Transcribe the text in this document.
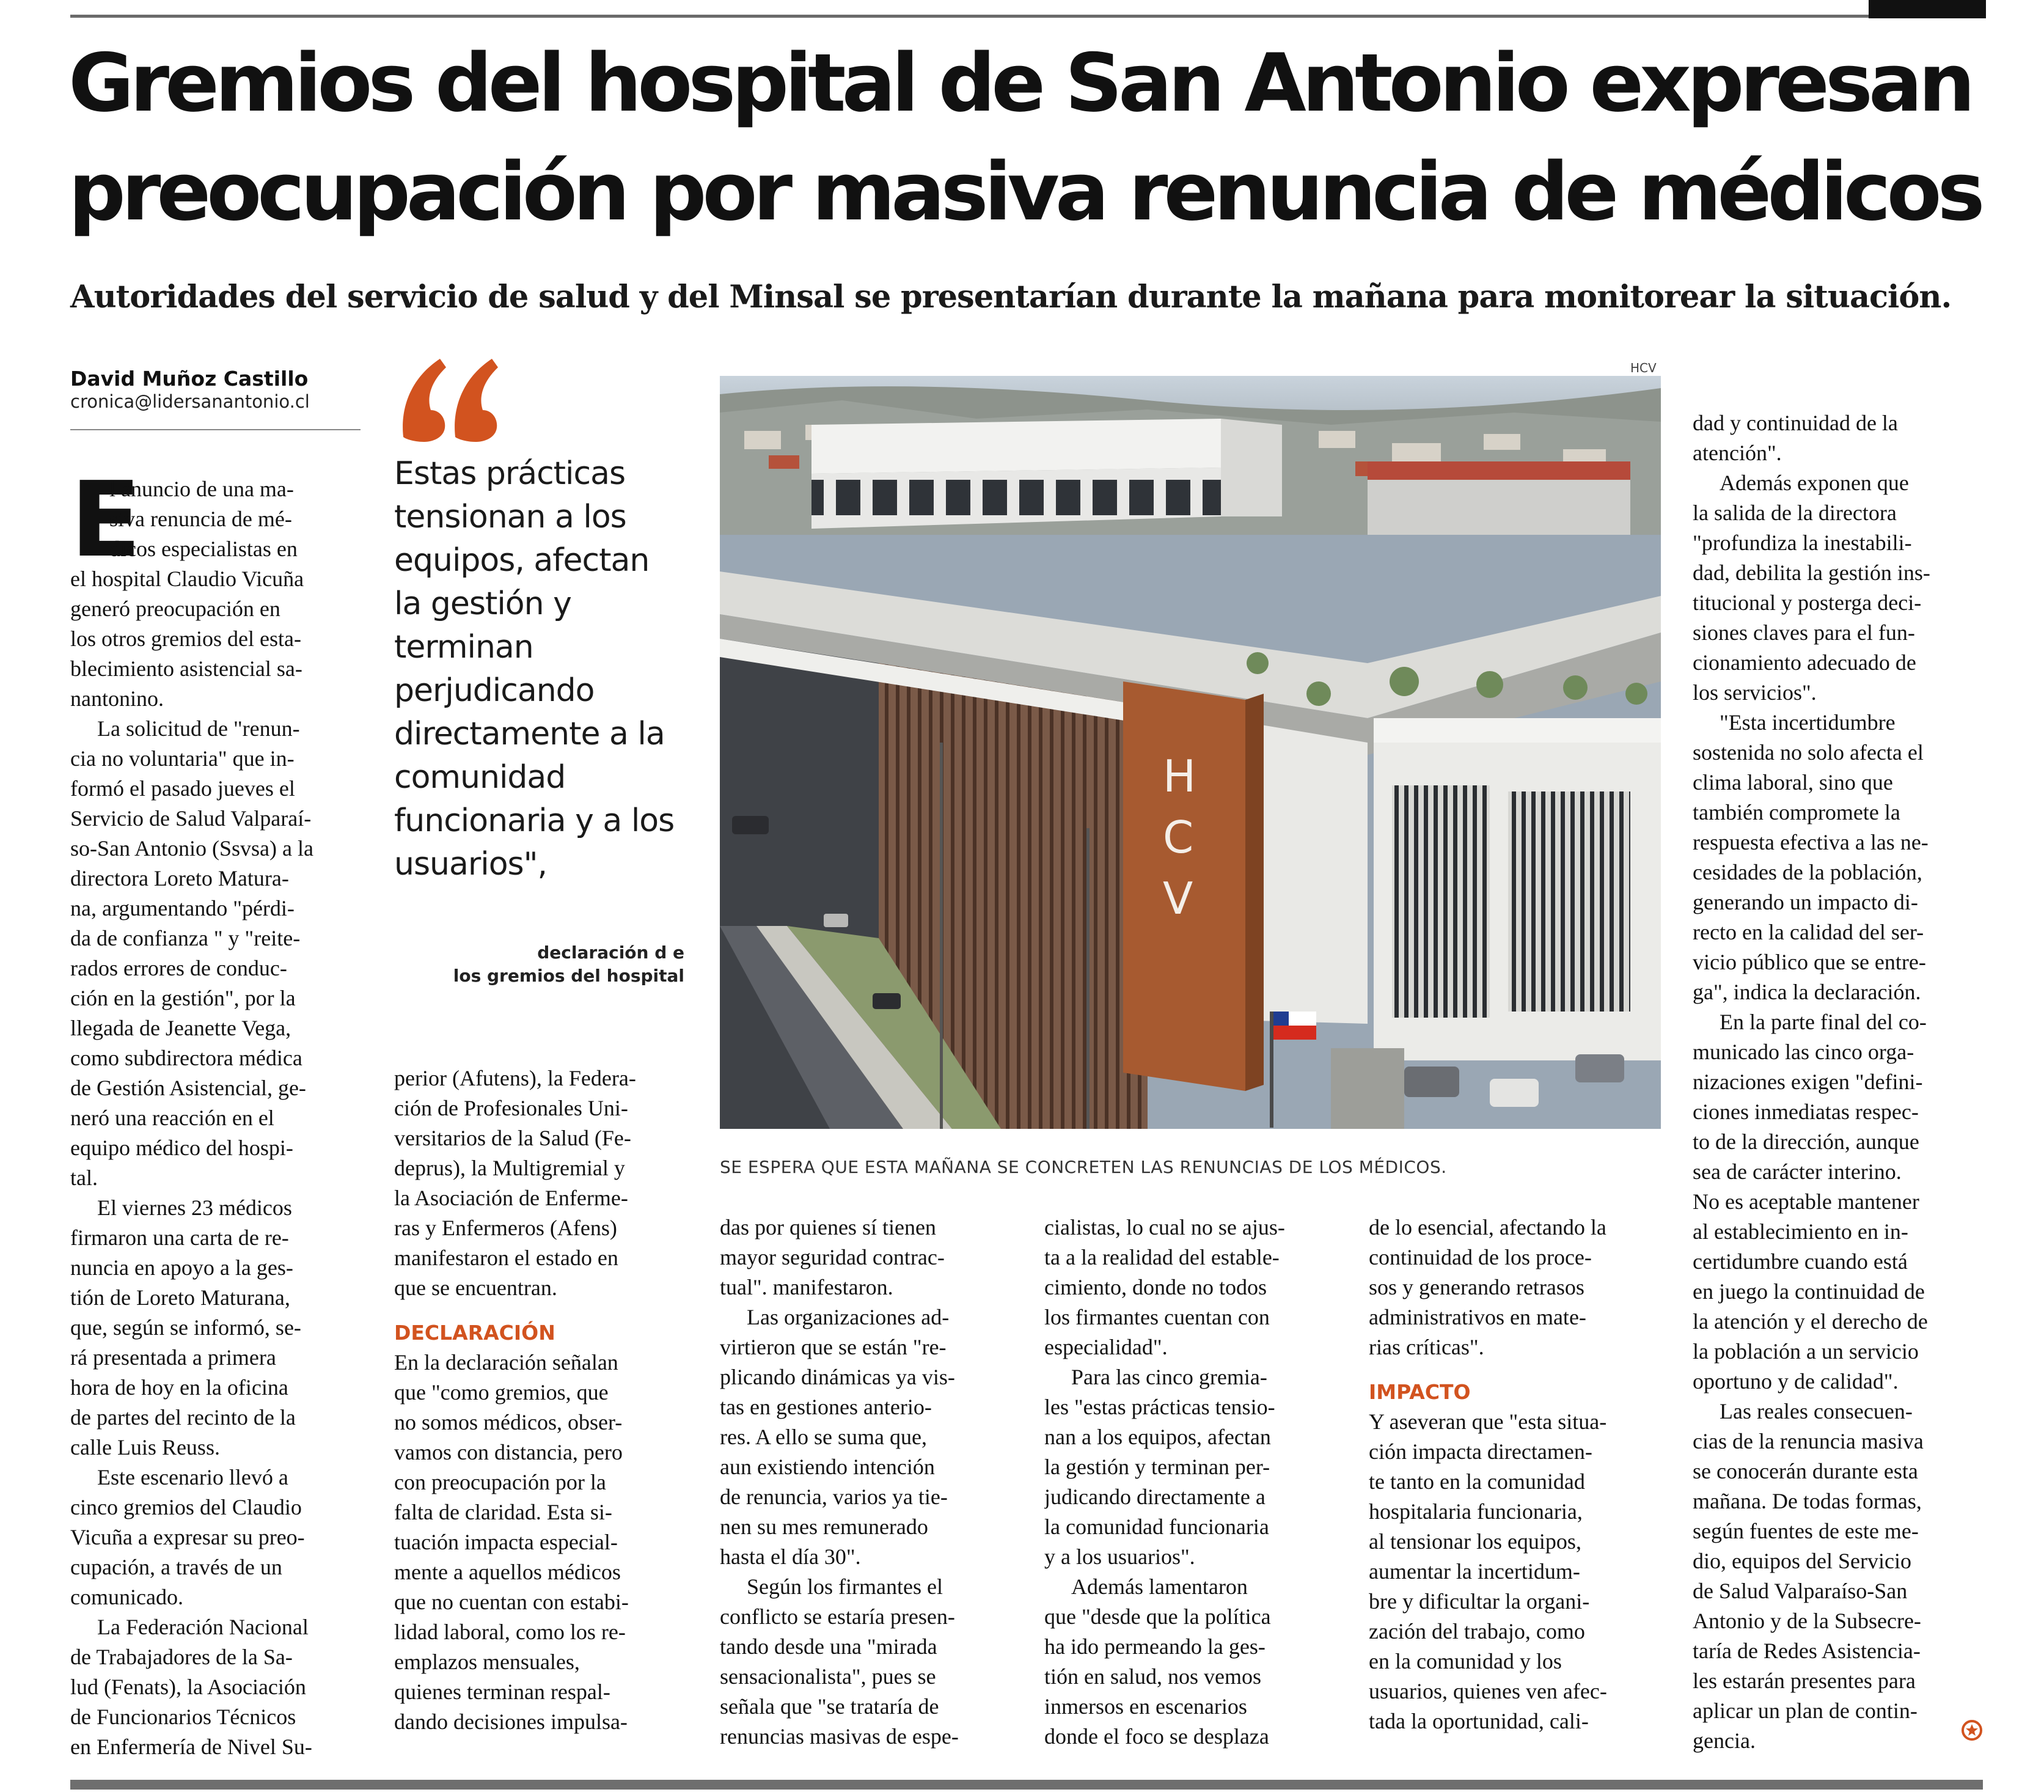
Gremios del hospital de San Antonio expresan
preocupación por masiva renuncia de médicos

Autoridades del servicio de salud y del Minsal se presentarían durante la mañana para monitorear la situación.

David Muñoz Castillo
cronica@lidersanantonio.cl
E
l anuncio de una ma-
siva renuncia de mé-
dicos especialistas en
el hospital Claudio Vicuña
generó preocupación en
los otros gremios del esta-
blecimiento asistencial sa-
nantonino.
La solicitud de "renun-
cia no voluntaria" que in-
formó el pasado jueves el
Servicio de Salud Valparaí-
so-San Antonio (Ssvsa) a la
directora Loreto Matura-
na, argumentando "pérdi-
da de confianza " y "reite-
rados errores de conduc-
ción en la gestión", por la
llegada de Jeanette Vega,
como subdirectora médica
de Gestión Asistencial, ge-
neró una reacción en el
equipo médico del hospi-
tal.
El viernes 23 médicos
firmaron una carta de re-
nuncia en apoyo a la ges-
tión de Loreto Maturana,
que, según se informó, se-
rá presentada a primera
hora de hoy en la oficina
de partes del recinto de la
calle Luis Reuss.
Este escenario llevó a
cinco gremios del Claudio
Vicuña a expresar su preo-
cupación, a través de un
comunicado.
La Federación Nacional
de Trabajadores de la Sa-
lud (Fenats), la Asociación
de Funcionarios Técnicos
en Enfermería de Nivel Su-
Estas prácticas
tensionan a los
equipos, afectan
la gestión y
terminan
perjudicando
directamente a la
comunidad
funcionaria y a los
usuarios",
declaración d e
los gremios del hospital
perior (Afutens), la Federa-
ción de Profesionales Uni-
versitarios de la Salud (Fe-
deprus), la Multigremial y
la Asociación de Enferme-
ras y Enfermeros (Afens)
manifestaron el estado en
que se encuentran.
DECLARACIÓN
En la declaración señalan
que "como gremios, que
no somos médicos, obser-
vamos con distancia, pero
con preocupación por la
falta de claridad. Esta si-
tuación impacta especial-
mente a aquellos médicos
que no cuentan con estabi-
lidad laboral, como los re-
emplazos mensuales,
quienes terminan respal-
dando decisiones impulsa-
HCV
H
C
V
SE ESPERA QUE ESTA MAÑANA SE CONCRETEN LAS RENUNCIAS DE LOS MÉDICOS.
das por quienes sí tienen
mayor seguridad contrac-
tual". manifestaron.
Las organizaciones ad-
virtieron que se están "re-
plicando dinámicas ya vis-
tas en gestiones anterio-
res. A ello se suma que,
aun existiendo intención
de renuncia, varios ya tie-
nen su mes remunerado
hasta el día 30".
Según los firmantes el
conflicto se estaría presen-
tando desde una "mirada
sensacionalista", pues se
señala que "se trataría de
renuncias masivas de espe-
cialistas, lo cual no se ajus-
ta a la realidad del estable-
cimiento, donde no todos
los firmantes cuentan con
especialidad".
Para las cinco gremia-
les "estas prácticas tensio-
nan a los equipos, afectan
la gestión y terminan per-
judicando directamente a
la comunidad funcionaria
y a los usuarios".
Además lamentaron
que "desde que la política
ha ido permeando la ges-
tión en salud, nos vemos
inmersos en escenarios
donde el foco se desplaza
de lo esencial, afectando la
continuidad de los proce-
sos y generando retrasos
administrativos en mate-
rias críticas".
IMPACTO
Y aseveran que "esta situa-
ción impacta directamen-
te tanto en la comunidad
hospitalaria funcionaria,
al tensionar los equipos,
aumentar la incertidum-
bre y dificultar la organi-
zación del trabajo, como
en la comunidad y los
usuarios, quienes ven afec-
tada la oportunidad, cali-
dad y continuidad de la
atención".
Además exponen que
la salida de la directora
"profundiza la inestabili-
dad, debilita la gestión ins-
titucional y posterga deci-
siones claves para el fun-
cionamiento adecuado de
los servicios".
"Esta incertidumbre
sostenida no solo afecta el
clima laboral, sino que
también compromete la
respuesta efectiva a las ne-
cesidades de la población,
generando un impacto di-
recto en la calidad del ser-
vicio público que se entre-
ga", indica la declaración.
En la parte final del co-
municado las cinco orga-
nizaciones exigen "defini-
ciones inmediatas respec-
to de la dirección, aunque
sea de carácter interino.
No es aceptable mantener
al establecimiento en in-
certidumbre cuando está
en juego la continuidad de
la atención y el derecho de
la población a un servicio
oportuno y de calidad".
Las reales consecuen-
cias de la renuncia masiva
se conocerán durante esta
mañana. De todas formas,
según fuentes de este me-
dio, equipos del Servicio
de Salud Valparaíso-San
Antonio y de la Subsecre-
taría de Redes Asistencia-
les estarán presentes para
aplicar un plan de contin-
gencia.
